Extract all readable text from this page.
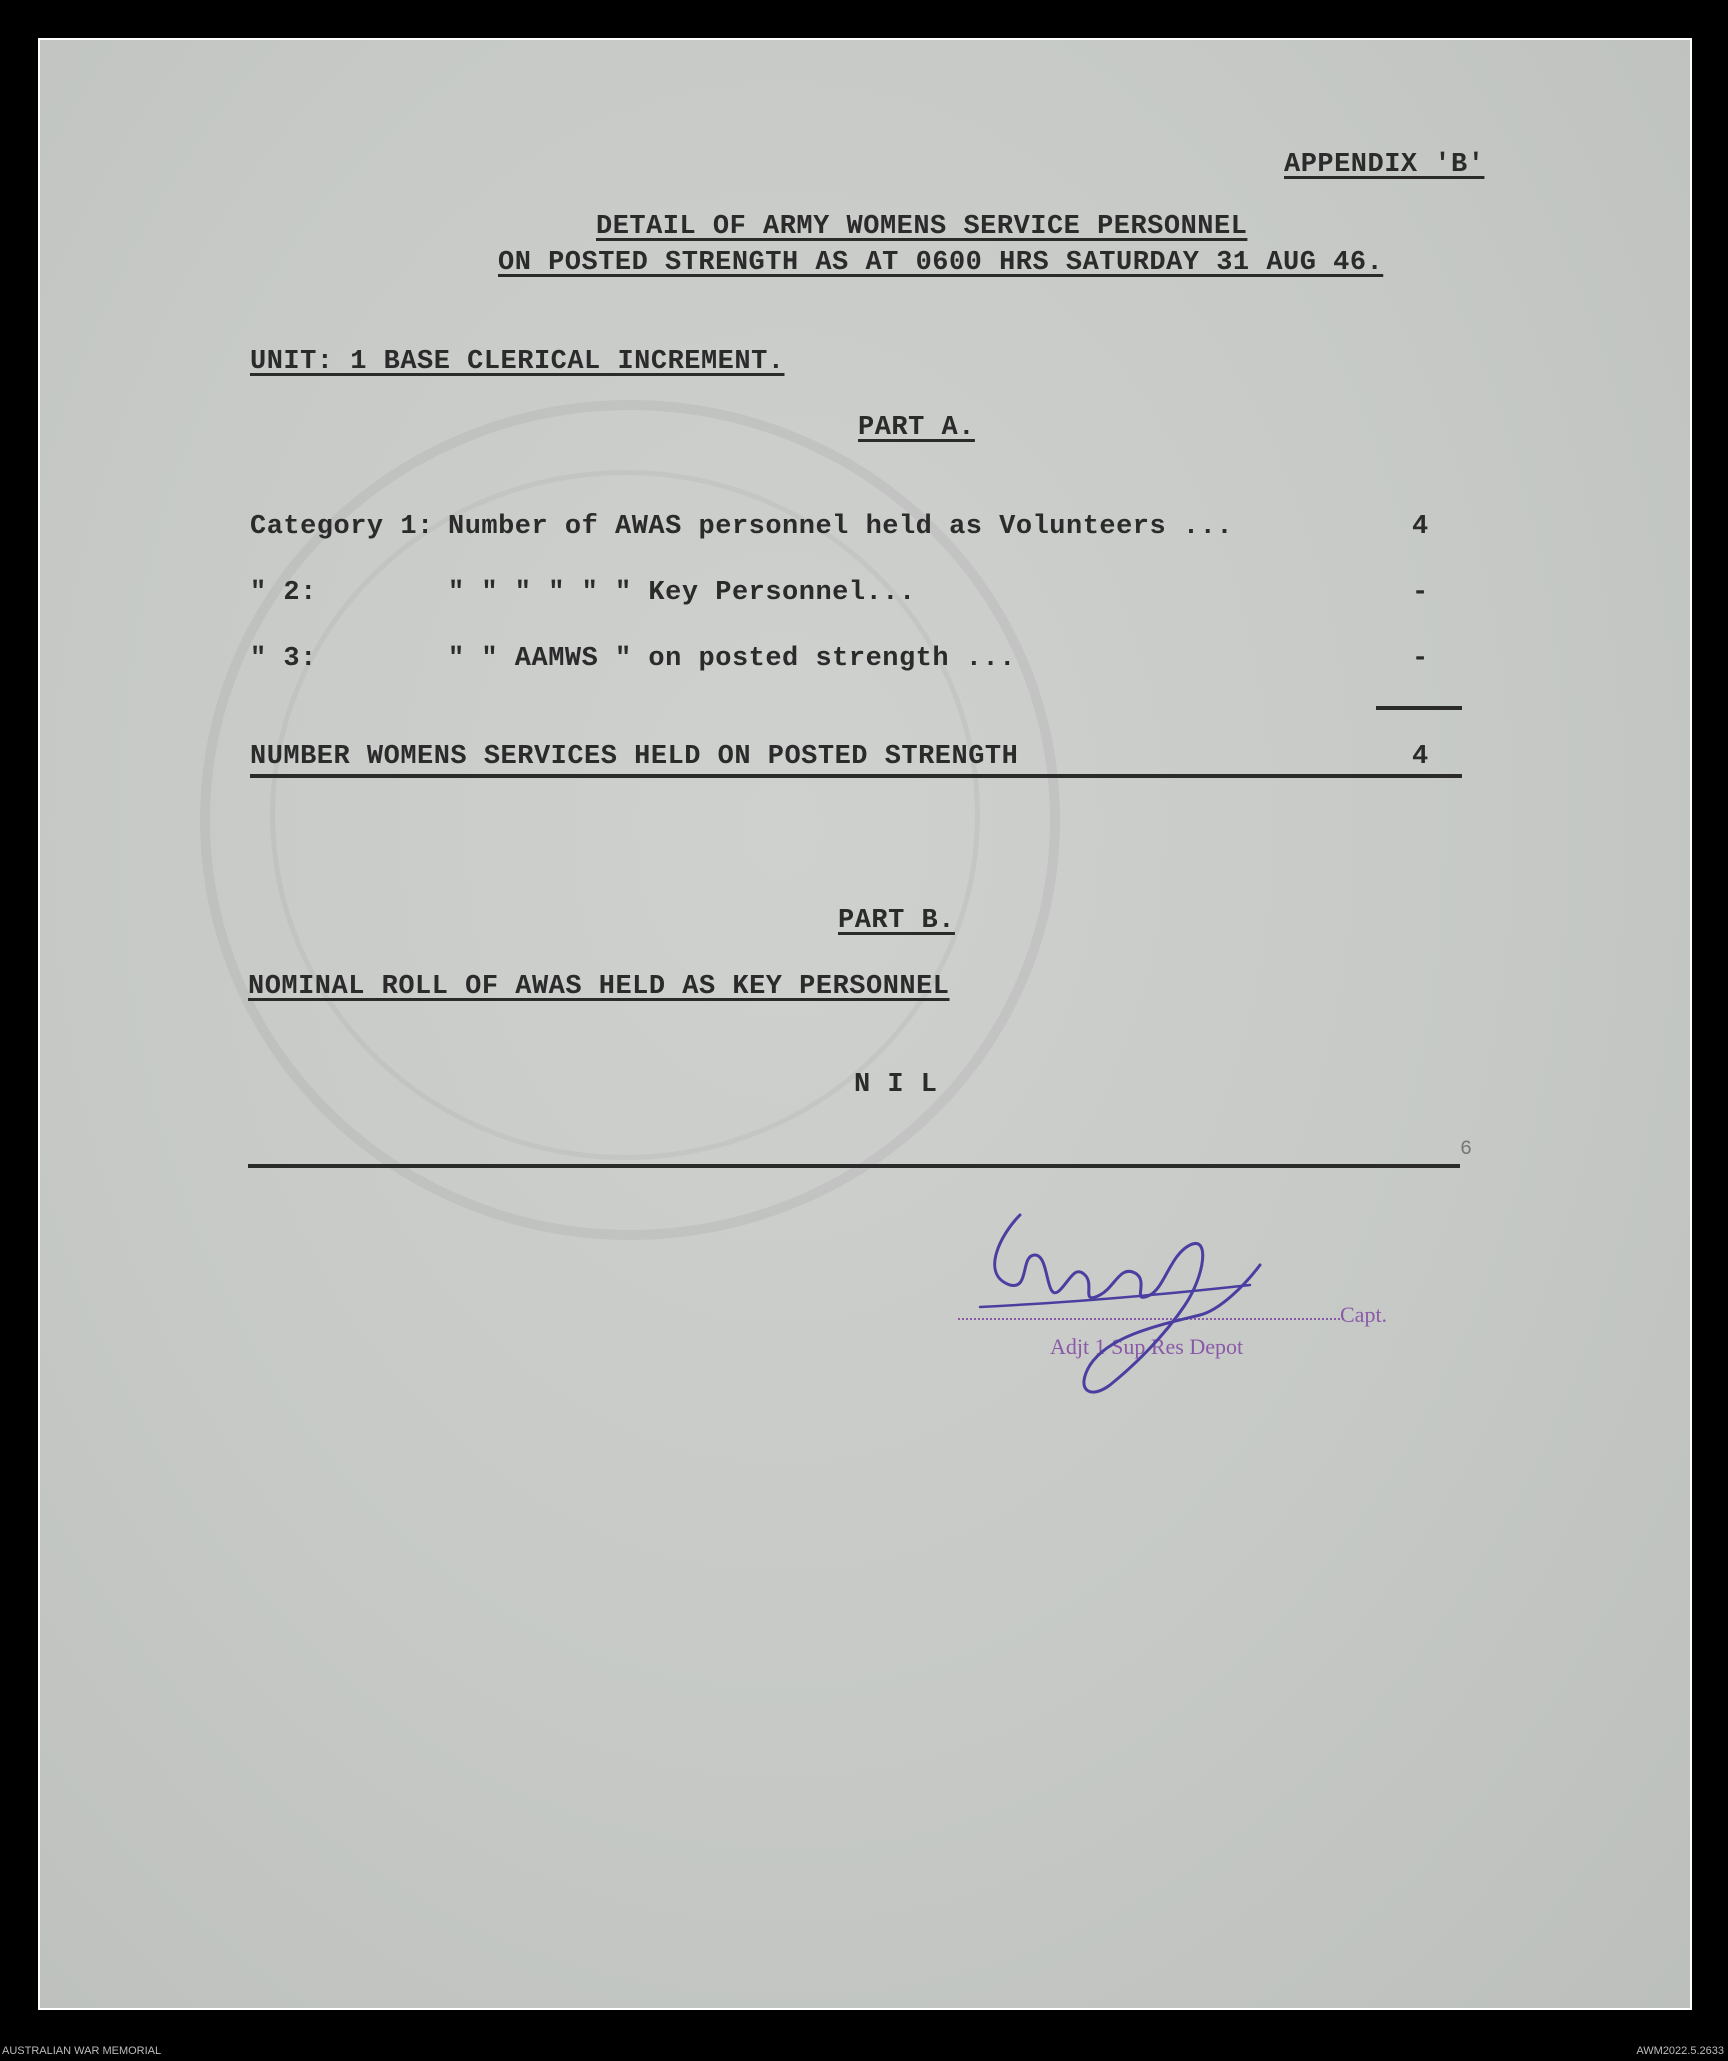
APPENDIX 'B'
DETAIL OF ARMY WOMENS SERVICE PERSONNEL
ON POSTED STRENGTH AS AT 0600 HRS SATURDAY 31 AUG 46.
UNIT: 1 BASE CLERICAL INCREMENT.
PART A.
Category 1: Number of AWAS personnel held as Volunteers ...	4
" 2:	" " " " " " Key Personnel...	-
" 3:	" " AAMWS " on posted strength ...	-
NUMBER WOMENS SERVICES HELD ON POSTED STRENGTH	4
PART B.
NOMINAL ROLL OF AWAS HELD AS KEY PERSONNEL
N I L
6
Capt.
Adjt 1 Sup Res Depot
AUSTRALIAN WAR MEMORIAL	AWM2022.5.2633
